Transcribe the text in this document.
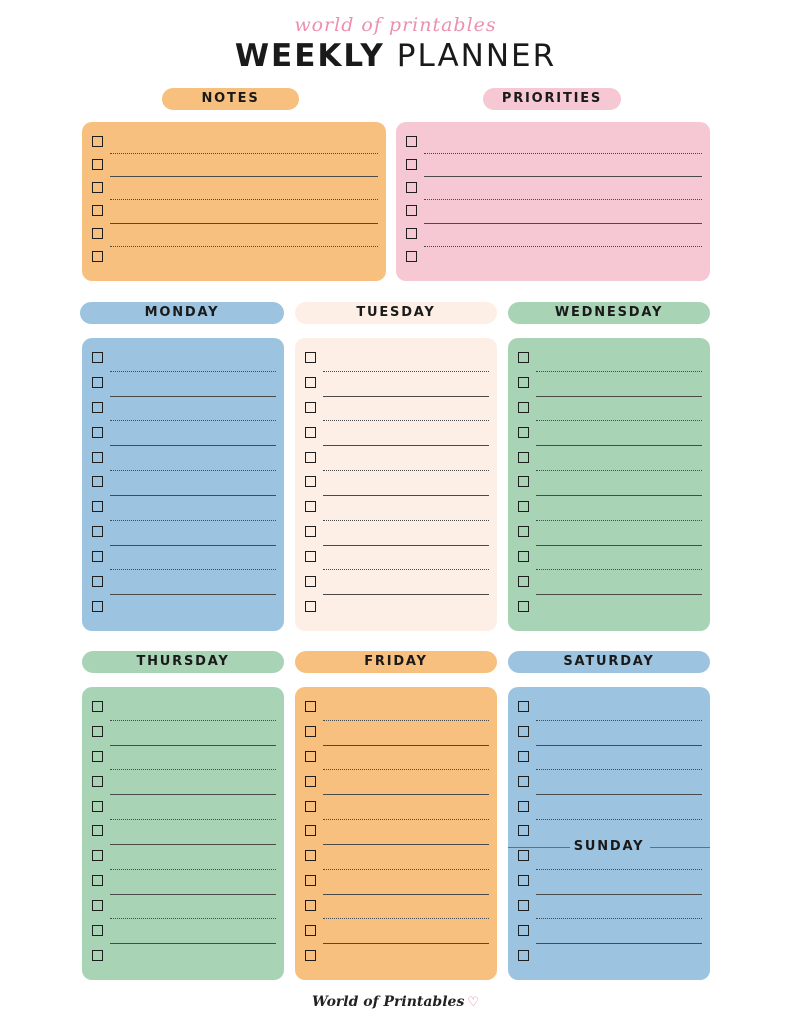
world of printables
WEEKLY PLANNER
NOTES	PRIORITIES
MONDAY	TUESDAY	WEDNESDAY
THURSDAY	FRIDAY	SATURDAY
SUNDAY
World of Printables ♡
